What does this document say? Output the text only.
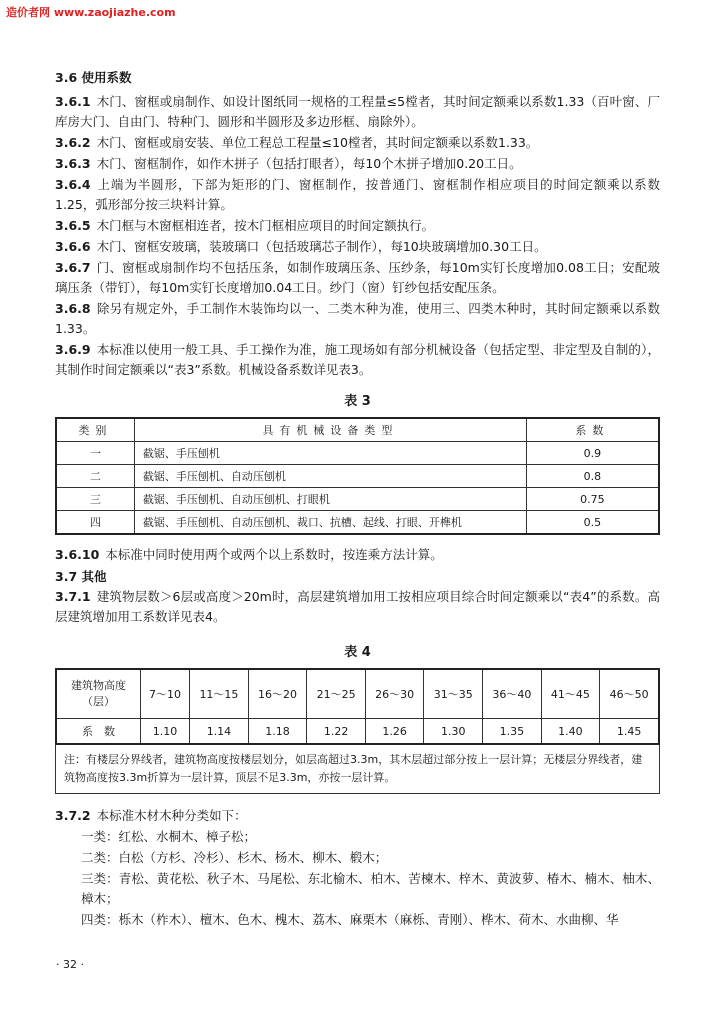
造价者网 www.zaojiazhe.com
3.6 使用系数
3.6.1 木门、窗框或扇制作、如设计图纸同一规格的工程量≤5樘者，其时间定额乘以系数1.33（百叶窗、厂库房大门、自由门、特种门、圆形和半圆形及多边形框、扇除外）。
3.6.2 木门、窗框或扇安装、单位工程总工程量≤10樘者，其时间定额乘以系数1.33。
3.6.3 木门、窗框制作，如作木拼子（包括打眼者），每10个木拼子增加0.20工日。
3.6.4 上端为半圆形，下部为矩形的门、窗框制作，按普通门、窗框制作相应项目的时间定额乘以系数1.25，弧形部分按三块料计算。
3.6.5 木门框与木窗框相连者，按木门框相应项目的时间定额执行。
3.6.6 木门、窗框安玻璃，装玻璃口（包括玻璃芯子制作），每10块玻璃增加0.30工日。
3.6.7 门、窗框或扇制作均不包括压条，如制作玻璃压条、压纱条，每10m实钉长度增加0.08工日；安配玻璃压条（带钉），每10m实钉长度增加0.04工日。纱门（窗）钉纱包括安配压条。
3.6.8 除另有规定外，手工制作木装饰均以一、二类木种为准，使用三、四类木种时，其时间定额乘以系数1.33。
3.6.9 本标准以使用一般工具、手工操作为准，施工现场如有部分机械设备（包括定型、非定型及自制的），其制作时间定额乘以“表3”系数。机械设备系数详见表3。
表 3
类别	具有机械设备类型	系数
一	截锯、手压刨机	0.9
二	截锯、手压刨机、自动压刨机	0.8
三	截锯、手压刨机、自动压刨机、打眼机	0.75
四	截锯、手压刨机、自动压刨机、裁口、抗槽、起线、打眼、开榫机	0.5
3.6.10 本标准中同时使用两个或两个以上系数时，按连乘方法计算。
3.7 其他
3.7.1 建筑物层数＞6层或高度＞20m时，高层建筑增加用工按相应项目综合时间定额乘以“表4”的系数。高层建筑增加用工系数详见表4。
表 4
建筑物高度
（层）	7～10	11～15	16～20	21～25	26～30	31～35	36～40	41～45	46～50
系　数	1.10	1.14	1.18	1.22	1.26	1.30	1.35	1.40	1.45
注：有楼层分界线者，建筑物高度按楼层划分，如层高超过3.3m，其木层超过部分按上一层计算；无楼层分界线者，建筑物高度按3.3m折算为一层计算，顶层不足3.3m，亦按一层计算。
3.7.2 本标准木材木种分类如下：
一类：红松、水桐木、樟子松；
二类：白松（方杉、冷杉）、杉木、杨木、柳木、椴木；
三类：青松、黄花松、秋子木、马尾松、东北榆木、柏木、苦楝木、梓木、黄波萝、椿木、楠木、柚木、樟木；
四类：栎木（柞木）、檀木、色木、槐木、荔木、麻栗木（麻栎、青刚）、桦木、荷木、水曲柳、华
· 32 ·
